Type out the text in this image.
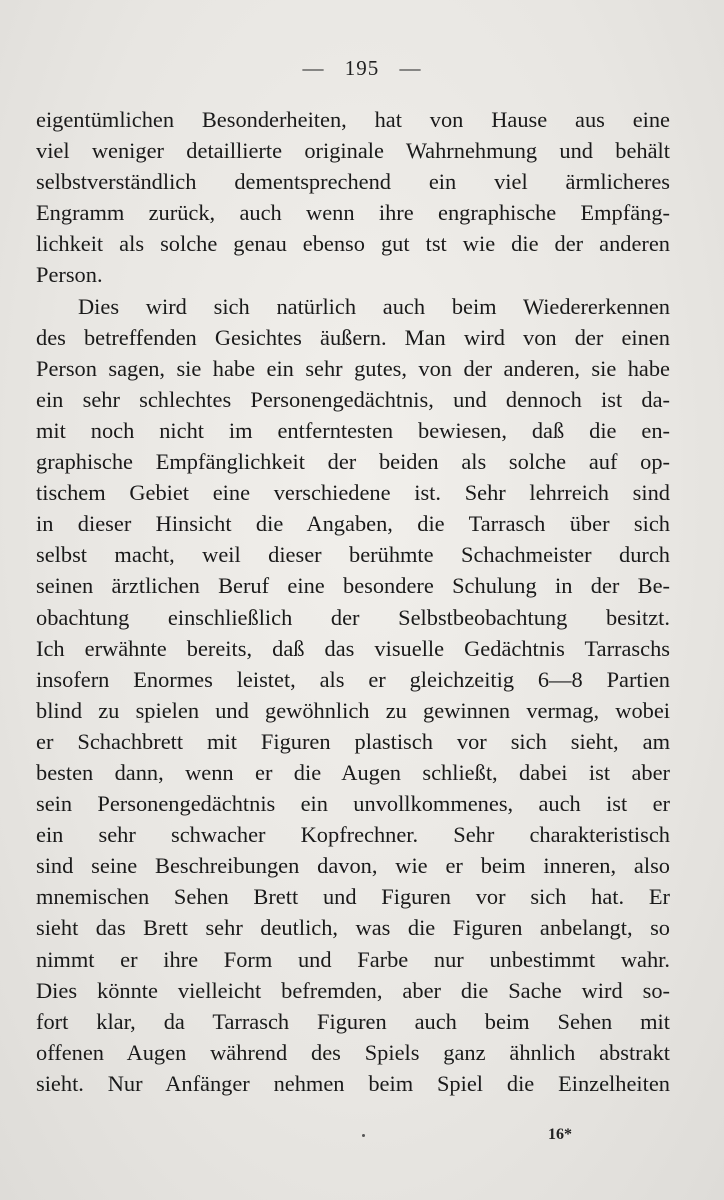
— 195 —
eigentümlichen Besonderheiten, hat von Hause aus eine
viel weniger detaillierte originale Wahrnehmung und behält
selbstverständlich dementsprechend ein viel ärmlicheres
Engramm zurück, auch wenn ihre engraphische Empfäng-
lichkeit als solche genau ebenso gut tst wie die der anderen
Person.
Dies wird sich natürlich auch beim Wiedererkennen
des betreffenden Gesichtes äußern. Man wird von der einen
Person sagen, sie habe ein sehr gutes, von der anderen, sie habe
ein sehr schlechtes Personengedächtnis, und dennoch ist da-
mit noch nicht im entferntesten bewiesen, daß die en-
graphische Empfänglichkeit der beiden als solche auf op-
tischem Gebiet eine verschiedene ist. Sehr lehrreich sind
in dieser Hinsicht die Angaben, die Tarrasch über sich
selbst macht, weil dieser berühmte Schachmeister durch
seinen ärztlichen Beruf eine besondere Schulung in der Be-
obachtung einschließlich der Selbstbeobachtung besitzt.
Ich erwähnte bereits, daß das visuelle Gedächtnis Tarraschs
insofern Enormes leistet, als er gleichzeitig 6—8 Partien
blind zu spielen und gewöhnlich zu gewinnen vermag, wobei
er Schachbrett mit Figuren plastisch vor sich sieht, am
besten dann, wenn er die Augen schließt, dabei ist aber
sein Personengedächtnis ein unvollkommenes, auch ist er
ein sehr schwacher Kopfrechner. Sehr charakteristisch
sind seine Beschreibungen davon, wie er beim inneren, also
mnemischen Sehen Brett und Figuren vor sich hat. Er
sieht das Brett sehr deutlich, was die Figuren anbelangt, so
nimmt er ihre Form und Farbe nur unbestimmt wahr.
Dies könnte vielleicht befremden, aber die Sache wird so-
fort klar, da Tarrasch Figuren auch beim Sehen mit
offenen Augen während des Spiels ganz ähnlich abstrakt
sieht. Nur Anfänger nehmen beim Spiel die Einzelheiten
16*
